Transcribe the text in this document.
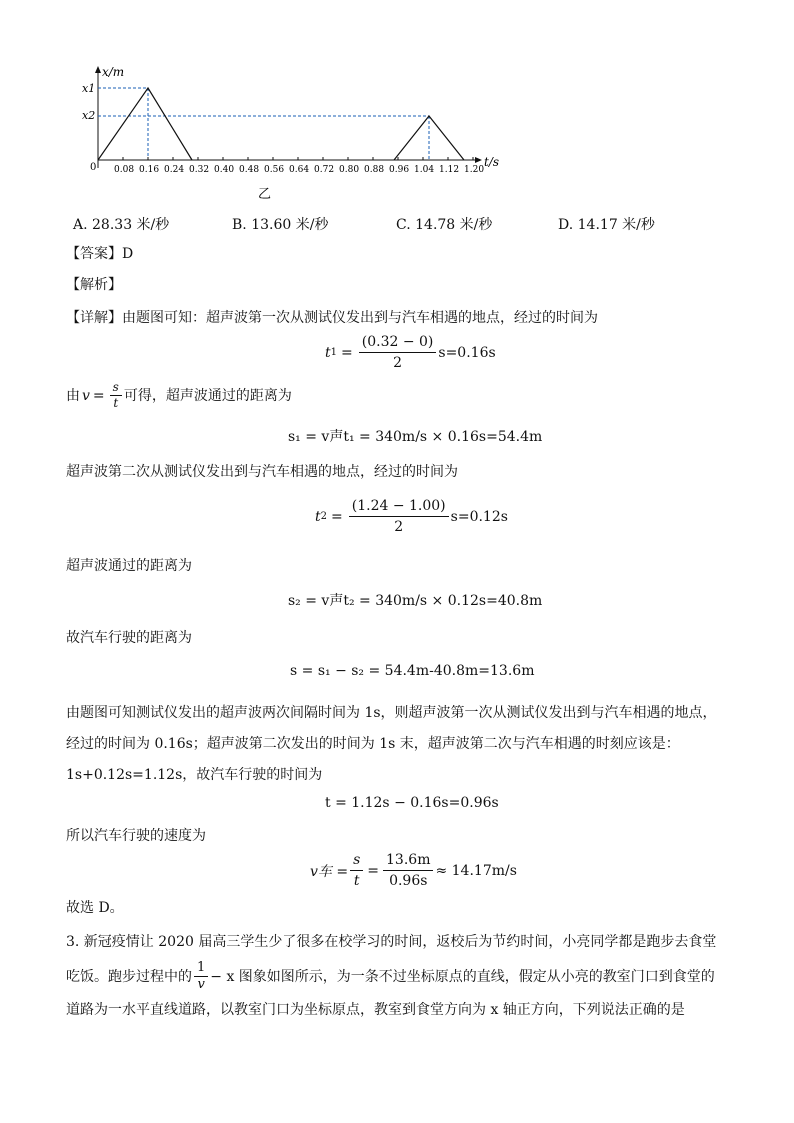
x/m
t/s
0
x1
x2
0.08 0.16 0.24 0.32 0.40 0.48 0.56 0.64 0.72 0.80 0.88 0.96 1.04 1.12 1.20
乙
A. 28.33 米/秒	B. 13.60 米/秒	C. 14.78 米/秒	D. 14.17 米/秒
【答案】D
【解析】
【详解】由题图可知：超声波第一次从测试仪发出到与汽车相遇的地点，经过的时间为
t $1 = \frac{(0.32 - 0)}{2} s=0.16s$
由 $v = \frac{s}{t}$ 可得，超声波通过的距离为
s₁ = v声t₁ = 340m/s × 0.16s=54.4m
超声波第二次从测试仪发出到与汽车相遇的地点，经过的时间为
t $2 = \frac{(1.24 - 1.00)}{2} s=0.12s$
超声波通过的距离为
s₂ = v声t₂ = 340m/s × 0.12s=40.8m
故汽车行驶的距离为
s = s₁ − s₂ = 54.4m-40.8m=13.6m
由题图可知测试仪发出的超声波两次间隔时间为 1s，则超声波第一次从测试仪发出到与汽车相遇的地点，
经过的时间为 0.16s；超声波第二次发出的时间为 1s 末，超声波第二次与汽车相遇的时刻应该是：
1s+0.12s=1.12s，故汽车行驶的时间为
t = 1.12s − 0.16s=0.96s
所以汽车行驶的速度为
v车 = $\frac{s}{t} = \frac{13.6m}{0.96s} \approx 14.17m/s$
故选 D。
3. 新冠疫情让 2020 届高三学生少了很多在校学习的时间，返校后为节约时间，小亮同学都是跑步去食堂
吃饭。跑步过程中的 $\frac{1}{v} - x$ 图象如图所示，为一条不过坐标原点的直线，假定从小亮的教室门口到食堂的
道路为一水平直线道路，以教室门口为坐标原点，教室到食堂方向为 x 轴正方向，下列说法正确的是
